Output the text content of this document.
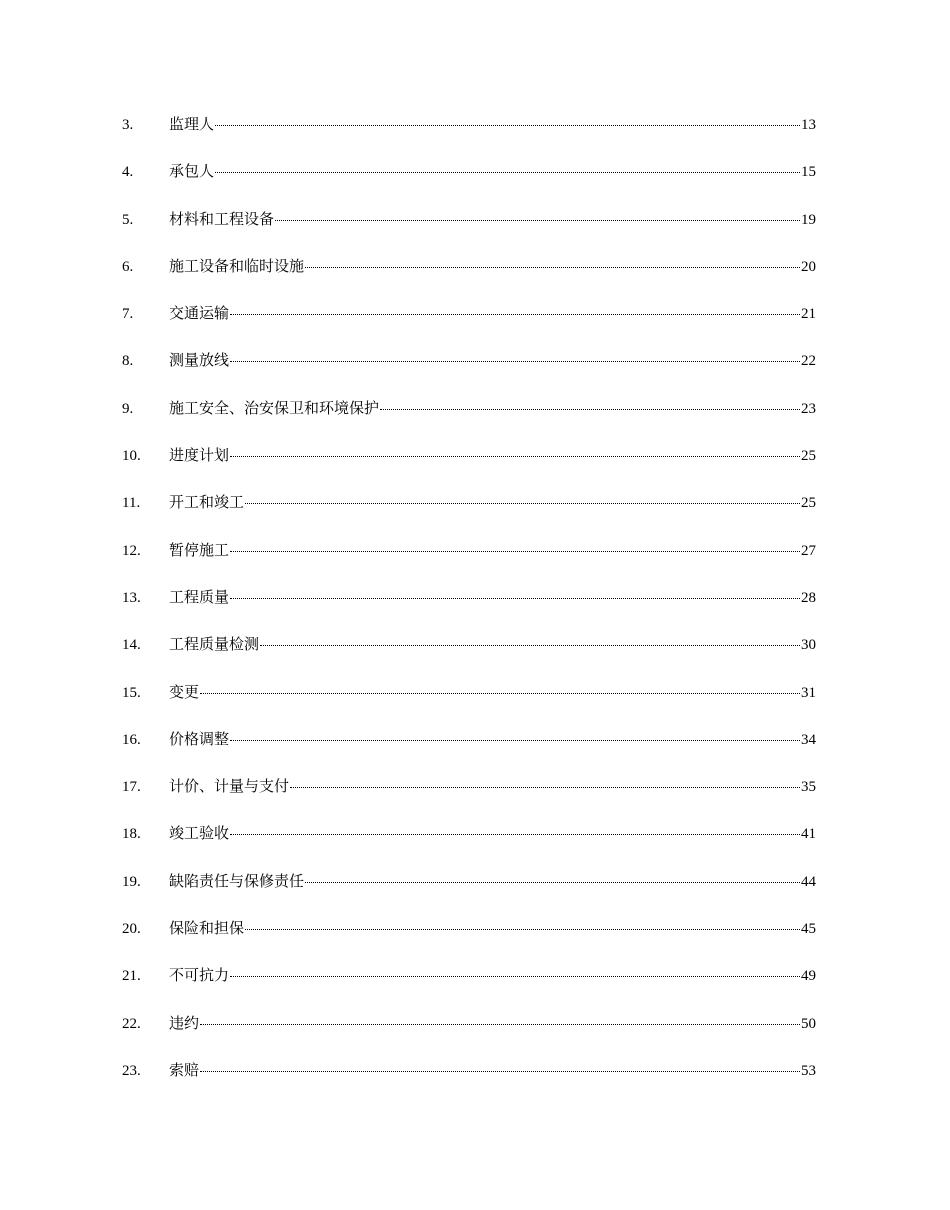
3.	监理人	13
4.	承包人	15
5.	材料和工程设备	19
6.	施工设备和临时设施	20
7.	交通运输	21
8.	测量放线	22
9.	施工安全、治安保卫和环境保护	23
10.	进度计划	25
11.	开工和竣工	25
12.	暂停施工	27
13.	工程质量	28
14.	工程质量检测	30
15.	变更	31
16.	价格调整	34
17.	计价、计量与支付	35
18.	竣工验收	41
19.	缺陷责任与保修责任	44
20.	保险和担保	45
21.	不可抗力	49
22.	违约	50
23.	索赔	53
